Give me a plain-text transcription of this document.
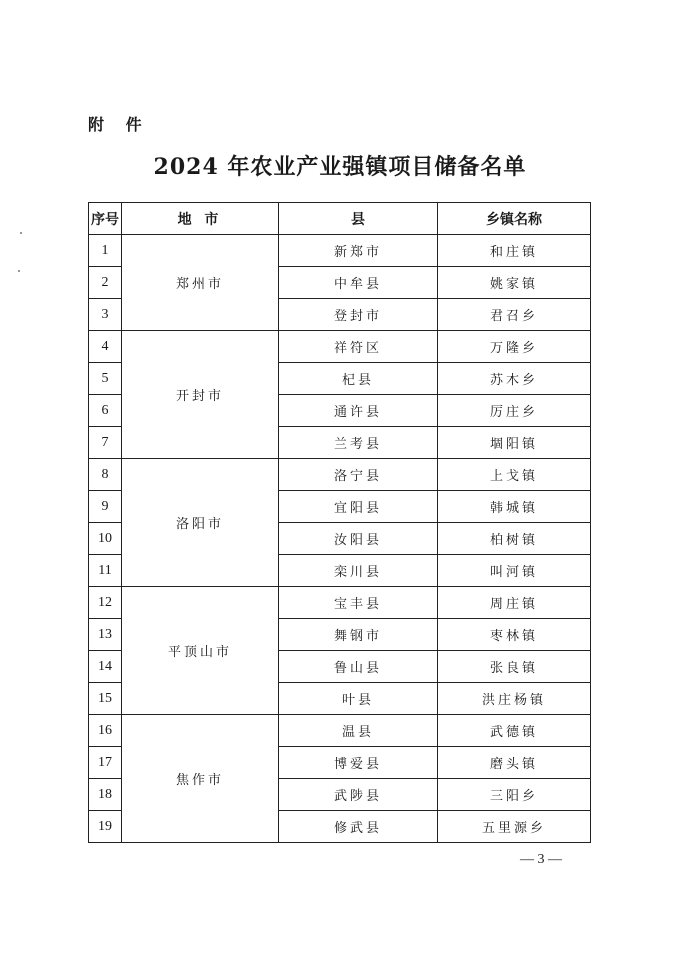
附 件
2024 年农业产业强镇项目储备名单
序号	地 市	县	乡镇名称
1	郑州市	新郑市	和庄镇
2		中牟县	姚家镇
3		登封市	君召乡
4	开封市	祥符区	万隆乡
5		杞县	苏木乡
6		通许县	厉庄乡
7		兰考县	堌阳镇
8	洛阳市	洛宁县	上戈镇
9		宜阳县	韩城镇
10		汝阳县	柏树镇
11		栾川县	叫河镇
12	平顶山市	宝丰县	周庄镇
13		舞钢市	枣林镇
14		鲁山县	张良镇
15		叶县	洪庄杨镇
16	焦作市	温县	武德镇
17		博爱县	磨头镇
18		武陟县	三阳乡
19		修武县	五里源乡
— 3 —
